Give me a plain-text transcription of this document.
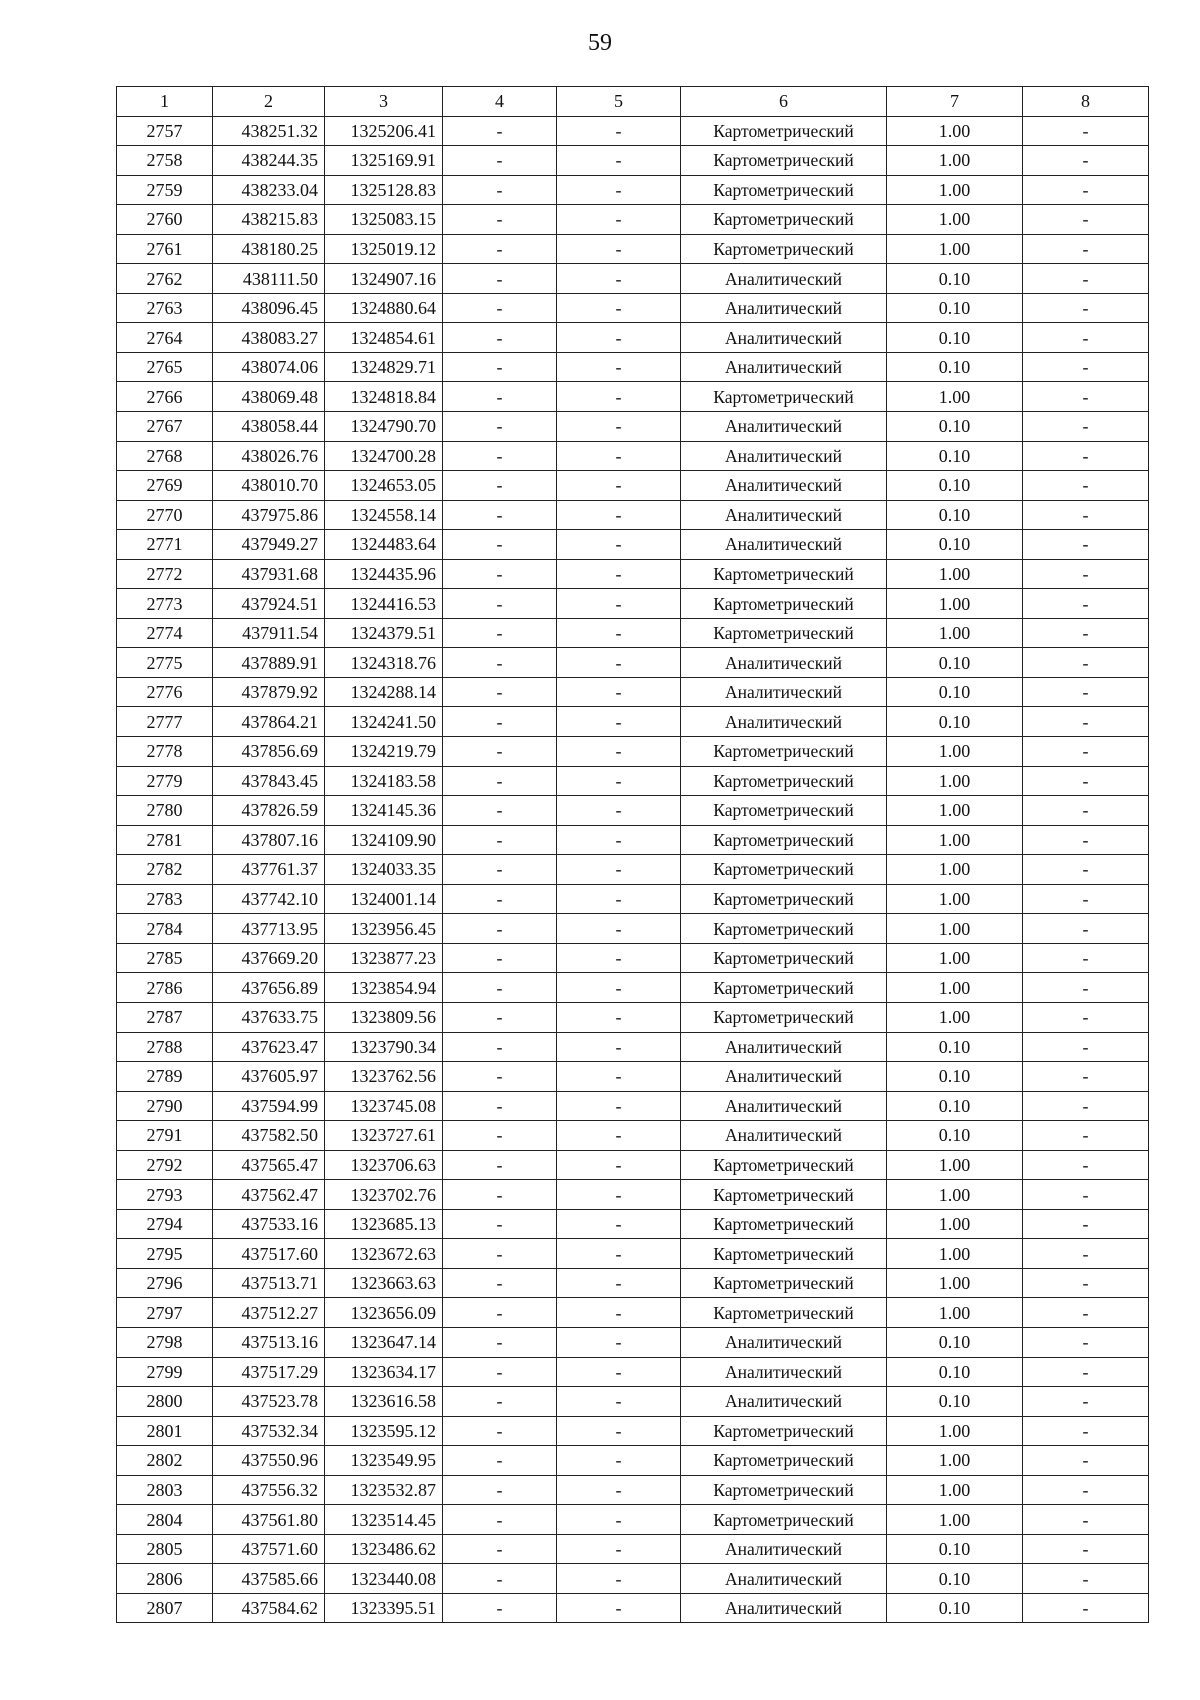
59
1	2	3	4	5	6	7	8
2757	438251.32	1325206.41	-	-	Картометрический	1.00	-
2758	438244.35	1325169.91	-	-	Картометрический	1.00	-
2759	438233.04	1325128.83	-	-	Картометрический	1.00	-
2760	438215.83	1325083.15	-	-	Картометрический	1.00	-
2761	438180.25	1325019.12	-	-	Картометрический	1.00	-
2762	438111.50	1324907.16	-	-	Аналитический	0.10	-
2763	438096.45	1324880.64	-	-	Аналитический	0.10	-
2764	438083.27	1324854.61	-	-	Аналитический	0.10	-
2765	438074.06	1324829.71	-	-	Аналитический	0.10	-
2766	438069.48	1324818.84	-	-	Картометрический	1.00	-
2767	438058.44	1324790.70	-	-	Аналитический	0.10	-
2768	438026.76	1324700.28	-	-	Аналитический	0.10	-
2769	438010.70	1324653.05	-	-	Аналитический	0.10	-
2770	437975.86	1324558.14	-	-	Аналитический	0.10	-
2771	437949.27	1324483.64	-	-	Аналитический	0.10	-
2772	437931.68	1324435.96	-	-	Картометрический	1.00	-
2773	437924.51	1324416.53	-	-	Картометрический	1.00	-
2774	437911.54	1324379.51	-	-	Картометрический	1.00	-
2775	437889.91	1324318.76	-	-	Аналитический	0.10	-
2776	437879.92	1324288.14	-	-	Аналитический	0.10	-
2777	437864.21	1324241.50	-	-	Аналитический	0.10	-
2778	437856.69	1324219.79	-	-	Картометрический	1.00	-
2779	437843.45	1324183.58	-	-	Картометрический	1.00	-
2780	437826.59	1324145.36	-	-	Картометрический	1.00	-
2781	437807.16	1324109.90	-	-	Картометрический	1.00	-
2782	437761.37	1324033.35	-	-	Картометрический	1.00	-
2783	437742.10	1324001.14	-	-	Картометрический	1.00	-
2784	437713.95	1323956.45	-	-	Картометрический	1.00	-
2785	437669.20	1323877.23	-	-	Картометрический	1.00	-
2786	437656.89	1323854.94	-	-	Картометрический	1.00	-
2787	437633.75	1323809.56	-	-	Картометрический	1.00	-
2788	437623.47	1323790.34	-	-	Аналитический	0.10	-
2789	437605.97	1323762.56	-	-	Аналитический	0.10	-
2790	437594.99	1323745.08	-	-	Аналитический	0.10	-
2791	437582.50	1323727.61	-	-	Аналитический	0.10	-
2792	437565.47	1323706.63	-	-	Картометрический	1.00	-
2793	437562.47	1323702.76	-	-	Картометрический	1.00	-
2794	437533.16	1323685.13	-	-	Картометрический	1.00	-
2795	437517.60	1323672.63	-	-	Картометрический	1.00	-
2796	437513.71	1323663.63	-	-	Картометрический	1.00	-
2797	437512.27	1323656.09	-	-	Картометрический	1.00	-
2798	437513.16	1323647.14	-	-	Аналитический	0.10	-
2799	437517.29	1323634.17	-	-	Аналитический	0.10	-
2800	437523.78	1323616.58	-	-	Аналитический	0.10	-
2801	437532.34	1323595.12	-	-	Картометрический	1.00	-
2802	437550.96	1323549.95	-	-	Картометрический	1.00	-
2803	437556.32	1323532.87	-	-	Картометрический	1.00	-
2804	437561.80	1323514.45	-	-	Картометрический	1.00	-
2805	437571.60	1323486.62	-	-	Аналитический	0.10	-
2806	437585.66	1323440.08	-	-	Аналитический	0.10	-
2807	437584.62	1323395.51	-	-	Аналитический	0.10	-
